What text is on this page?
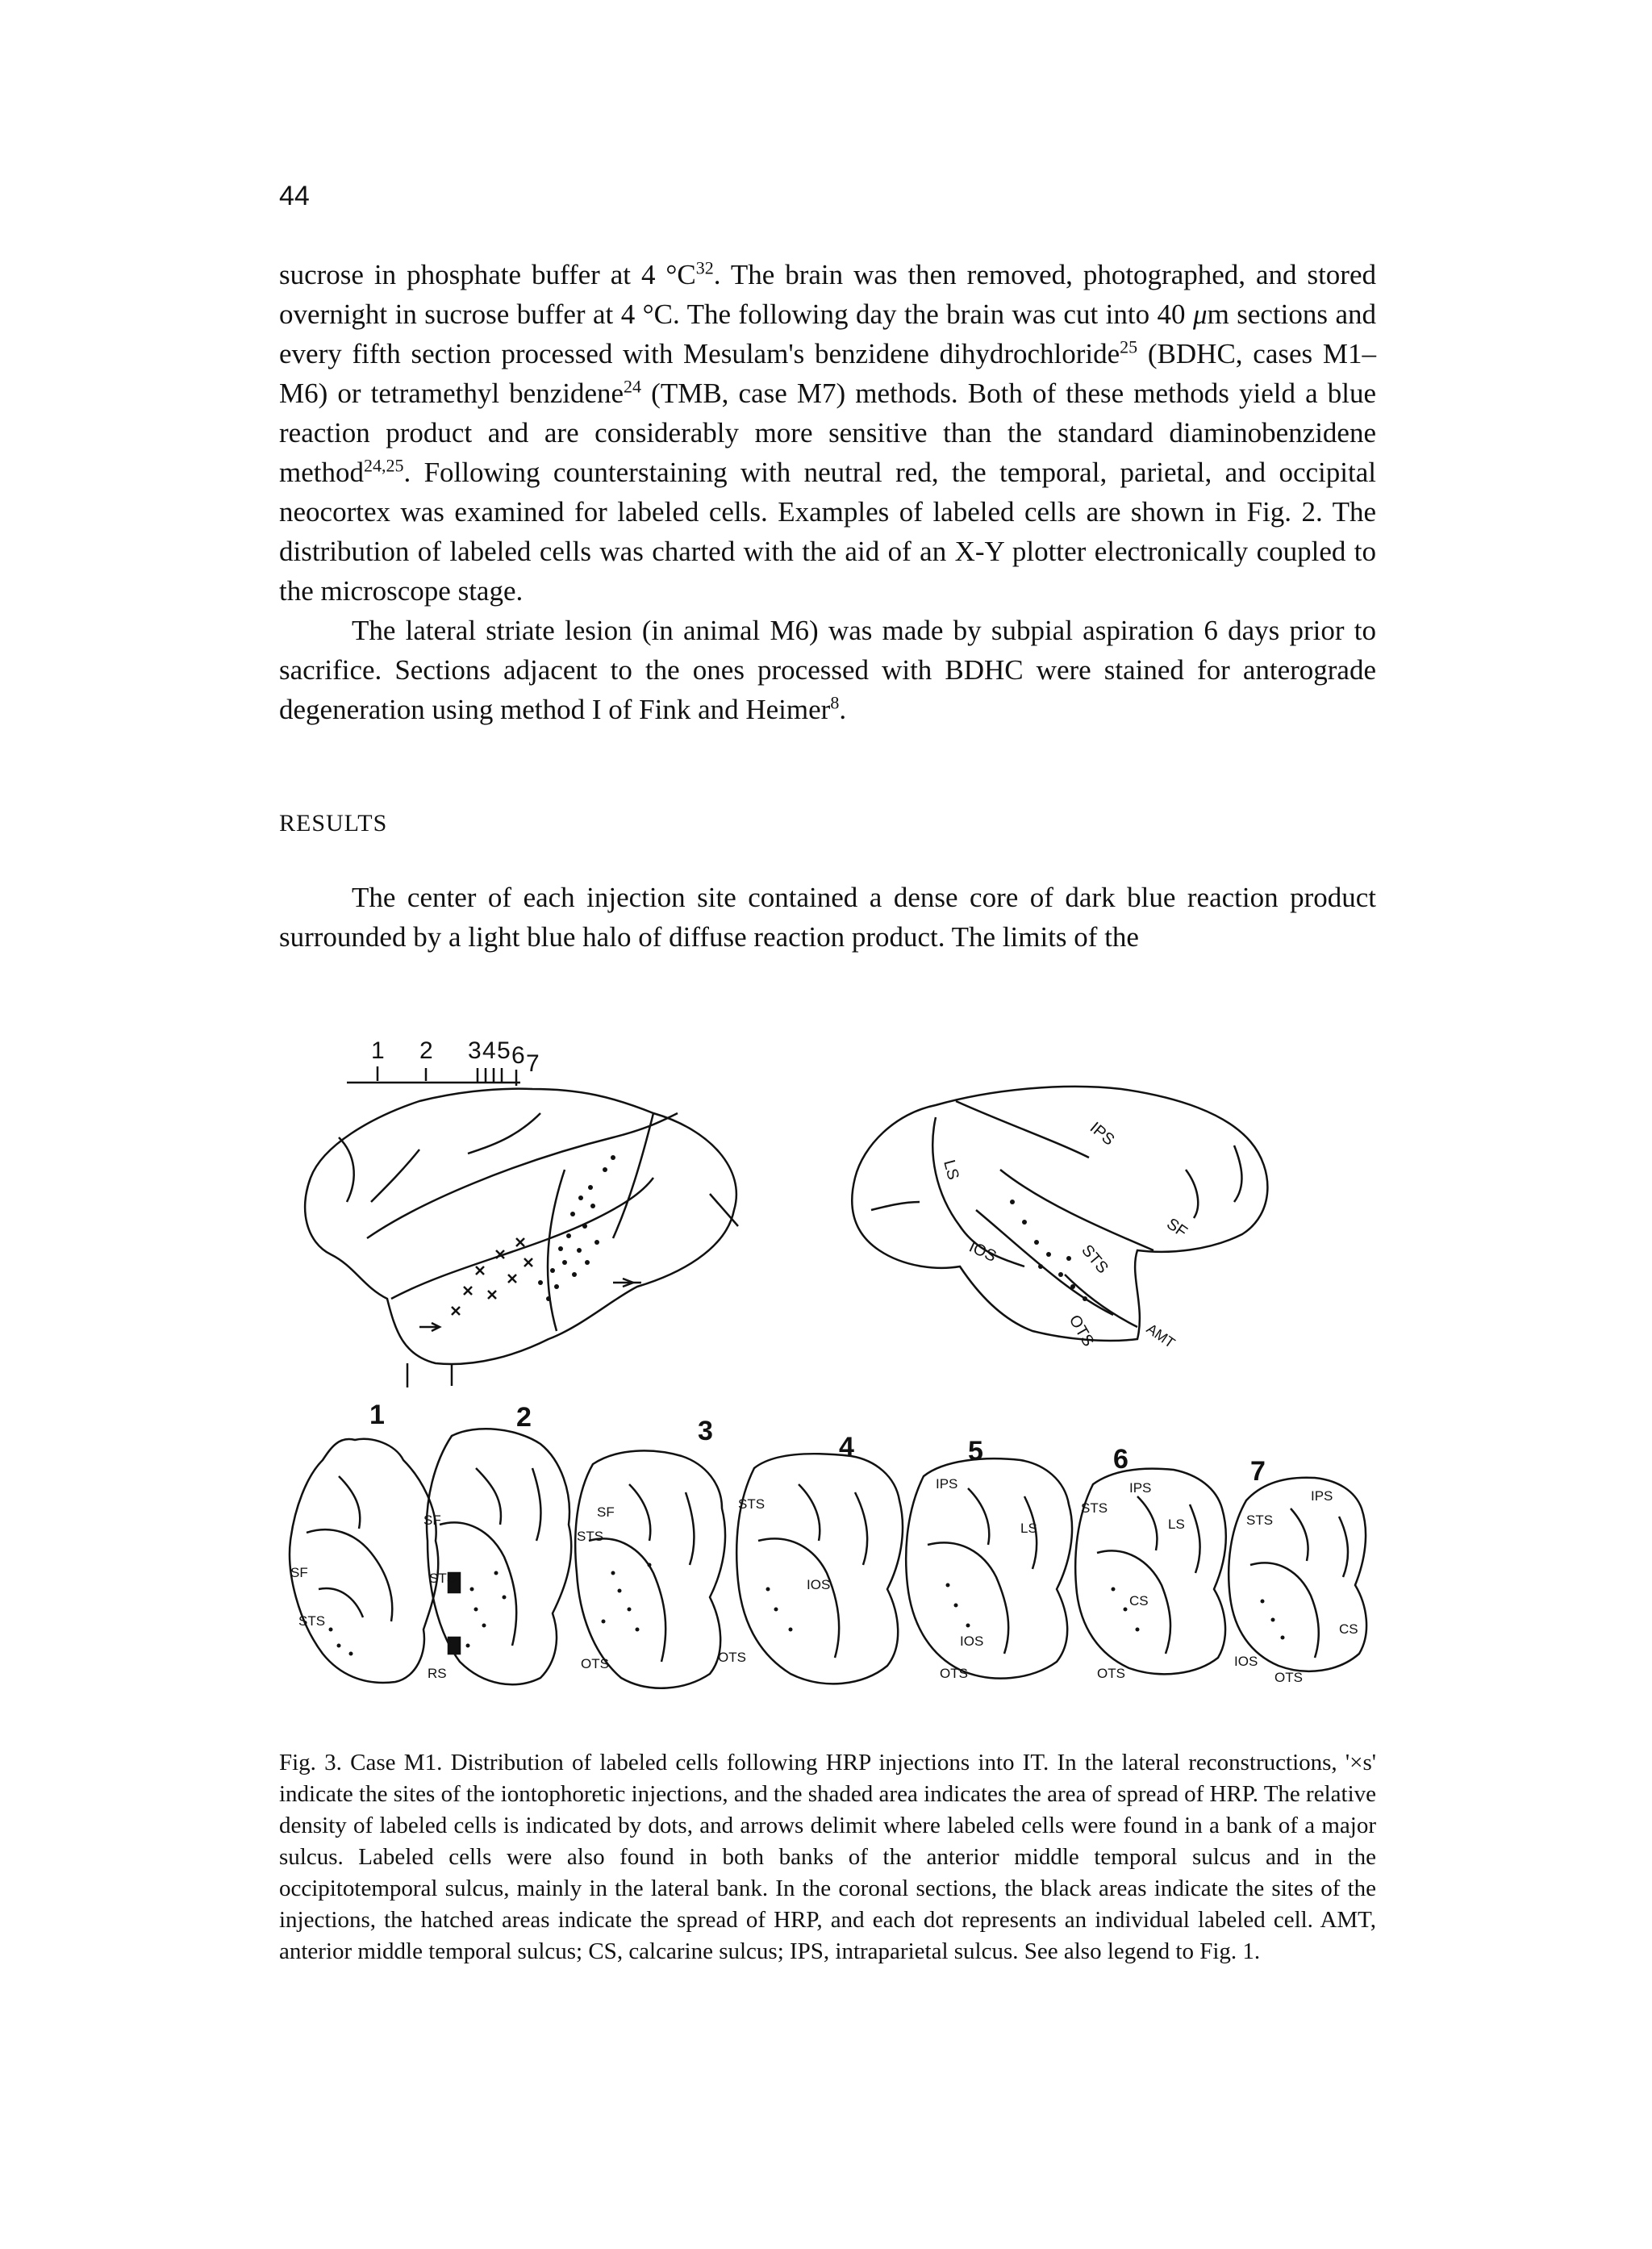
44

sucrose in phosphate buffer at 4 $^\circ C^{32}$. The brain was then removed, photographed, and stored overnight in sucrose buffer at 4 °C. The following day the brain was cut into 40 μm sections and every fifth section processed with Mesulam's benzidene dihydrochloride$^{25}$ (BDHC, cases M1–M6) or tetramethyl benzidene$^{24}$ (TMB, case M7) methods. Both of these methods yield a blue reaction product and are considerably more sensitive than the standard diaminobenzidene method$^{24,25}$. Following counterstaining with neutral red, the temporal, parietal, and occipital neocortex was examined for labeled cells. Examples of labeled cells are shown in Fig. 2. The distribution of labeled cells was charted with the aid of an X-Y plotter electronically coupled to the microscope stage.

The lateral striate lesion (in animal M6) was made by subpial aspiration 6 days prior to sacrifice. Sections adjacent to the ones processed with BDHC were stained for anterograde degeneration using method I of Fink and Heimer$^8$.

RESULTS

The center of each injection site contained a dense core of dark blue reaction product surrounded by a light blue halo of diffuse reaction product. The limits of the

1 2 3 4 5 6 7
IPS
LS
SF
IOS	STS
OTS	AMT
1	2	3
4	5	6	7
SF
STS
SF
STS
RS
SF
STS
OTS
STS
OTS
IOS
IPS
LS
IOS
OTS
IPS
STS
LS
CS
OTS
IPS
STS
IOS
OTS
CS

Fig. 3. Case M1. Distribution of labeled cells following HRP injections into IT. In the lateral reconstructions, '×s' indicate the sites of the iontophoretic injections, and the shaded area indicates the area of spread of HRP. The relative density of labeled cells is indicated by dots, and arrows delimit where labeled cells were found in a bank of a major sulcus. Labeled cells were also found in both banks of the anterior middle temporal sulcus and in the occipitotemporal sulcus, mainly in the lateral bank. In the coronal sections, the black areas indicate the sites of the injections, the hatched areas indicate the spread of HRP, and each dot represents an individual labeled cell. AMT, anterior middle temporal sulcus; CS, calcarine sulcus; IPS, intraparietal sulcus. See also legend to Fig. 1.
